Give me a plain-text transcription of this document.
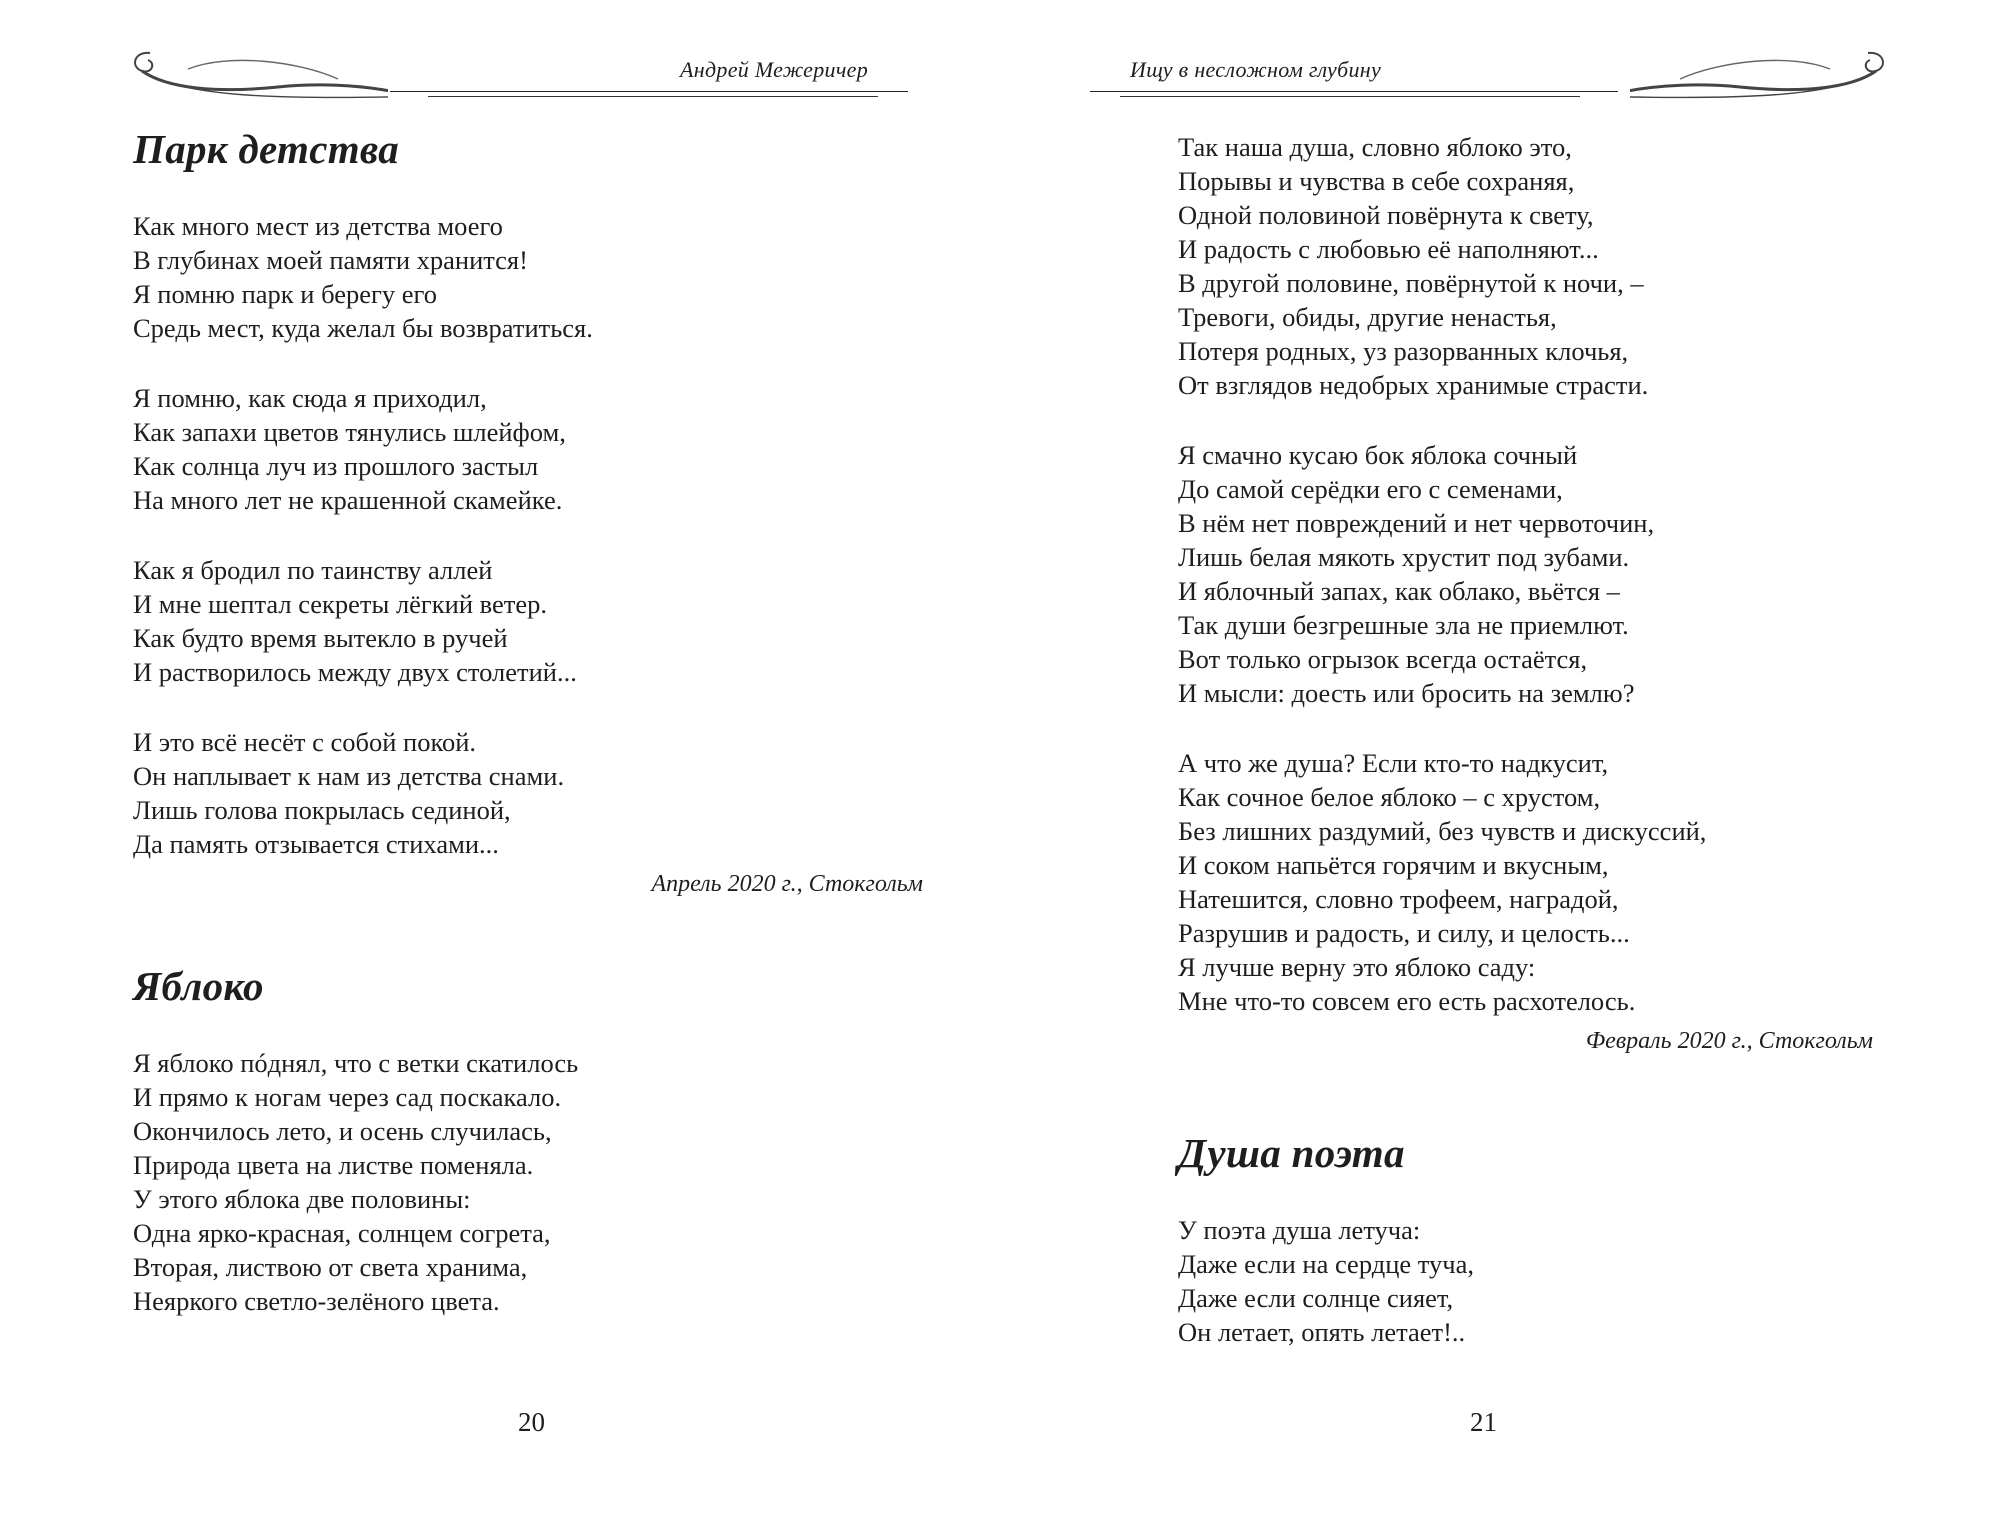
Андрей Межеричер
Парк детства
Как много мест из детства моего
В глубинах моей памяти хранится!
Я помню парк и берегу его
Средь мест, куда желал бы возвратиться.
Я помню, как сюда я приходил,
Как запахи цветов тянулись шлейфом,
Как солнца луч из прошлого застыл
На много лет не крашенной скамейке.
Как я бродил по таинству аллей
И мне шептал секреты лёгкий ветер.
Как будто время вытекло в ручей
И растворилось между двух столетий...
И это всё несёт с собой покой.
Он наплывает к нам из детства снами.
Лишь голова покрылась сединой,
Да память отзывается стихами...
Апрель 2020 г., Стокгольм
Яблоко
Я яблоко пóднял, что с ветки скатилось
И прямо к ногам через сад поскакало.
Окончилось лето, и осень случилась,
Природа цвета на листве поменяла.
У этого яблока две половины:
Одна ярко-красная, солнцем согрета,
Вторая, листвою от света хранима,
Неяркого светло-зелёного цвета.
20
Ищу в несложном глубину
Так наша душа, словно яблоко это,
Порывы и чувства в себе сохраняя,
Одной половиной повёрнута к свету,
И радость с любовью её наполняют...
В другой половине, повёрнутой к ночи, –
Тревоги, обиды, другие ненастья,
Потеря родных, уз разорванных клочья,
От взглядов недобрых хранимые страсти.
Я смачно кусаю бок яблока сочный
До самой серёдки его с семенами,
В нём нет повреждений и нет червоточин,
Лишь белая мякоть хрустит под зубами.
И яблочный запах, как облако, вьётся –
Так души безгрешные зла не приемлют.
Вот только огрызок всегда остаётся,
И мысли: доесть или бросить на землю?
А что же душа? Если кто-то надкусит,
Как сочное белое яблоко – с хрустом,
Без лишних раздумий, без чувств и дискуссий,
И соком напьётся горячим и вкусным,
Натешится, словно трофеем, наградой,
Разрушив и радость, и силу, и целость...
Я лучше верну это яблоко саду:
Мне что-то совсем его есть расхотелось.
Февраль 2020 г., Стокгольм
Душа поэта
У поэта душа летуча:
Даже если на сердце туча,
Даже если солнце сияет,
Он летает, опять летает!..
21
